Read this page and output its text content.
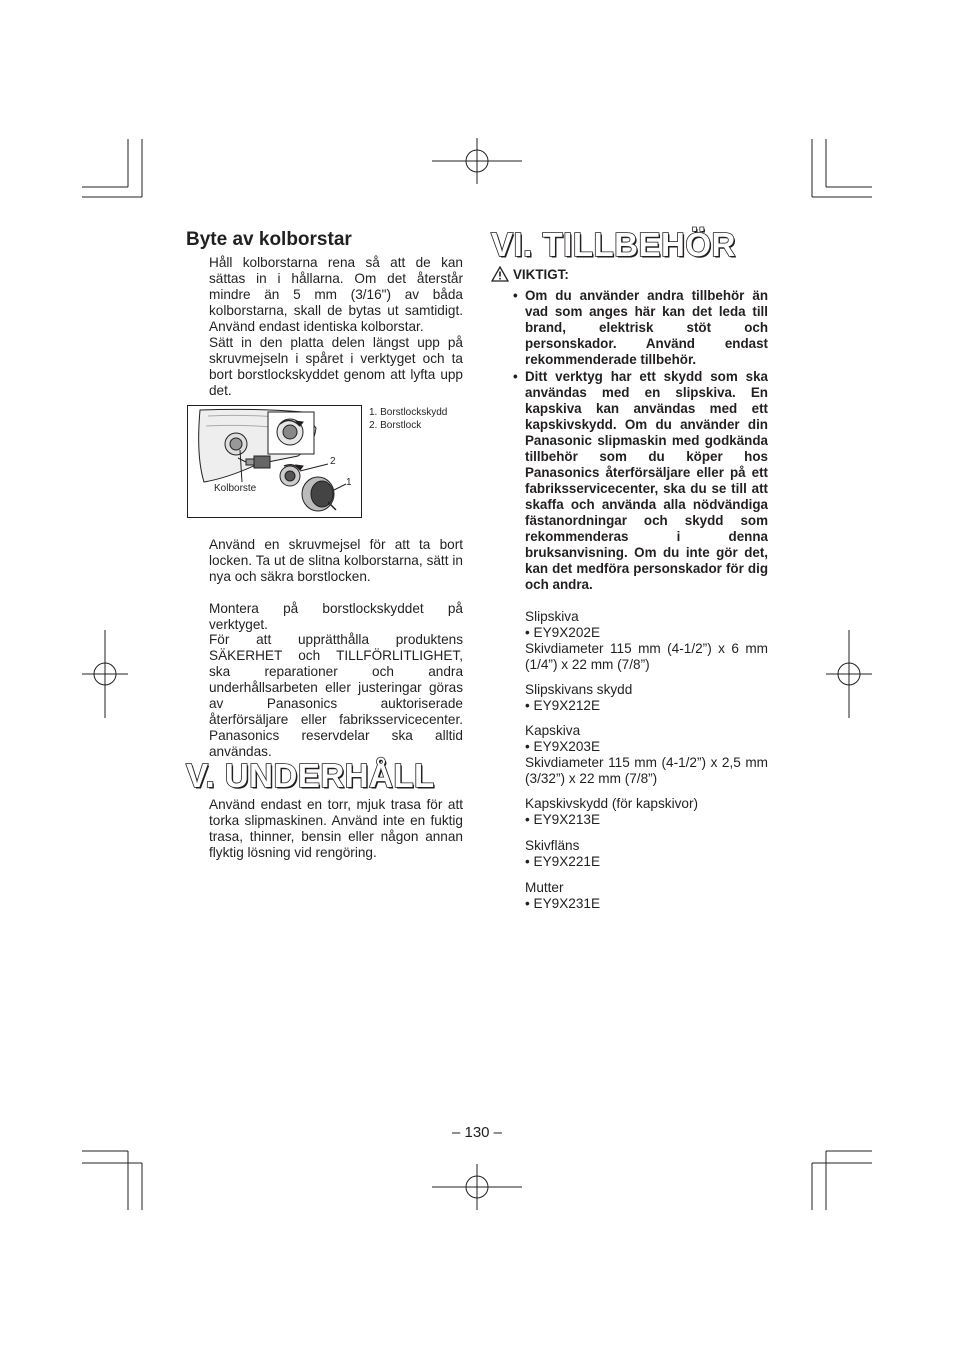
Byte av kolborstar

Håll kolborstarna rena så att de kan sättas in i hållarna. Om det återstår mindre än 5 mm (3/16") av båda kolborstarna, skall de bytas ut samtidigt. Använd endast identiska kolborstar.

Sätt in den platta delen längst upp på skruvmejseln i spåret i verktyget och ta bort borstlockskyddet genom att lyfta upp det.

2
1
Kolborste
1. Borstlockskydd
2. Borstlock

Använd en skruvmejsel för att ta bort locken. Ta ut de slitna kolborstarna, sätt in nya och säkra borstlocken.

Montera på borstlockskyddet på verktyget.

För att upprätthålla produktens SÄKERHET och TILLFÖRLITLIGHET, ska reparationer och andra underhållsarbeten eller justeringar göras av Panasonics auktoriserade återförsäljare eller fabriksservicecenter. Panasonics reservdelar ska alltid användas.

V. UNDERHÅLL

Använd endast en torr, mjuk trasa för att torka slipmaskinen. Använd inte en fuktig trasa, thinner, bensin eller någon annan flyktig lösning vid rengöring.

VI. TILLBEHÖR
VIKTIGT:

• Om du använder andra tillbehör än vad som anges här kan det leda till brand, elektrisk stöt och personskador. Använd endast rekommenderade tillbehör.

• Ditt verktyg har ett skydd som ska användas med en slipskiva. En kapskiva kan användas med ett kapskivskydd. Om du använder din Panasonic slipmaskin med godkända tillbehör som du köper hos Panasonics återförsäljare eller på ett fabriksservicecenter, ska du se till att skaffa och använda alla nödvändiga fästanordningar och skydd som rekommenderas i denna bruksanvisning. Om du inte gör det, kan det medföra personskador för dig och andra.

Slipskiva

• EY9X202E

Skivdiameter 115 mm (4-1/2”) x 6 mm (1/4”) x 22 mm (7/8”)

Slipskivans skydd

• EY9X212E

Kapskiva

• EY9X203E

Skivdiameter 115 mm (4-1/2”) x 2,5 mm (3/32”) x 22 mm (7/8”)

Kapskivskydd (för kapskivor)

• EY9X213E

Skivfläns

• EY9X221E

Mutter

• EY9X231E

– 130 –
